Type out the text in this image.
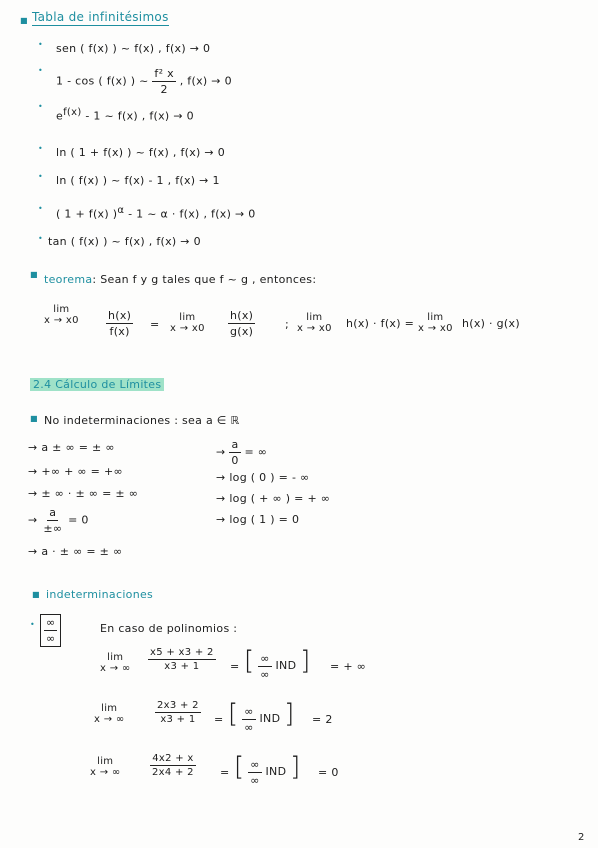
■ Tabla de infinitésimos
• sen ( f(x) ) ~ f(x) , f(x) → 0
•
1 - cos ( f(x) ) ~ $\frac{\text{f² x}}{2}$ , f(x) → 0
•
$e^{f(x)} - 1$ ~ f(x) , f(x) → 0
• ln ( 1 + f(x) ) ~ f(x) , f(x) → 0
• ln ( f(x) ) ~ f(x) - 1 , f(x) → 1
• ( 1 + f(x) )$^\alpha$ - 1 ~ α · f(x) , f(x) → 0
• tan ( f(x) ) ~ f(x) , f(x) → 0
■ teorema: Sean f y g tales que f ~ g , entonces:
lim
$x \to x0 \frac{h(x)}{f(x)}$ =
lim
$x \to x0 \frac{h(x)}{g(x)}$	;
lim
x → x0 h(x) · f(x) =	lim
x → x0 h(x) · g(x)
2.4 Cálculo de Límites
■ No indeterminaciones : sea a ∈ ℝ
→ a ± ∞ = ± ∞
→ +∞ + ∞ = +∞
→ ± ∞ · ± ∞ = ± ∞
→ $\frac{a}{\pm\infty} = 0$
→ a · ± ∞ = ± ∞
→ $\frac{a}{0}$ = ∞
→ log ( 0 ) = - ∞
→ log ( + ∞ ) = + ∞
→ log ( 1 ) = 0
■ indeterminaciones
• $\frac{\infty}{\infty}$	En caso de polinomios :
lim
x → ∞ $\frac{x5 + x3 + 2}{x3 + 1}$ = [ $\frac{\infty}{\infty}$ IND ] = + ∞
lim
x → ∞	$\frac{2x3 + 2}{x3 + 1}$ = [ $\frac{\infty}{\infty}$ IND ] = 2
lim
x → ∞	$\frac{4x2 + x}{2x4 + 2}$ = [ $\frac{\infty}{\infty}$ IND ] = 0
2
